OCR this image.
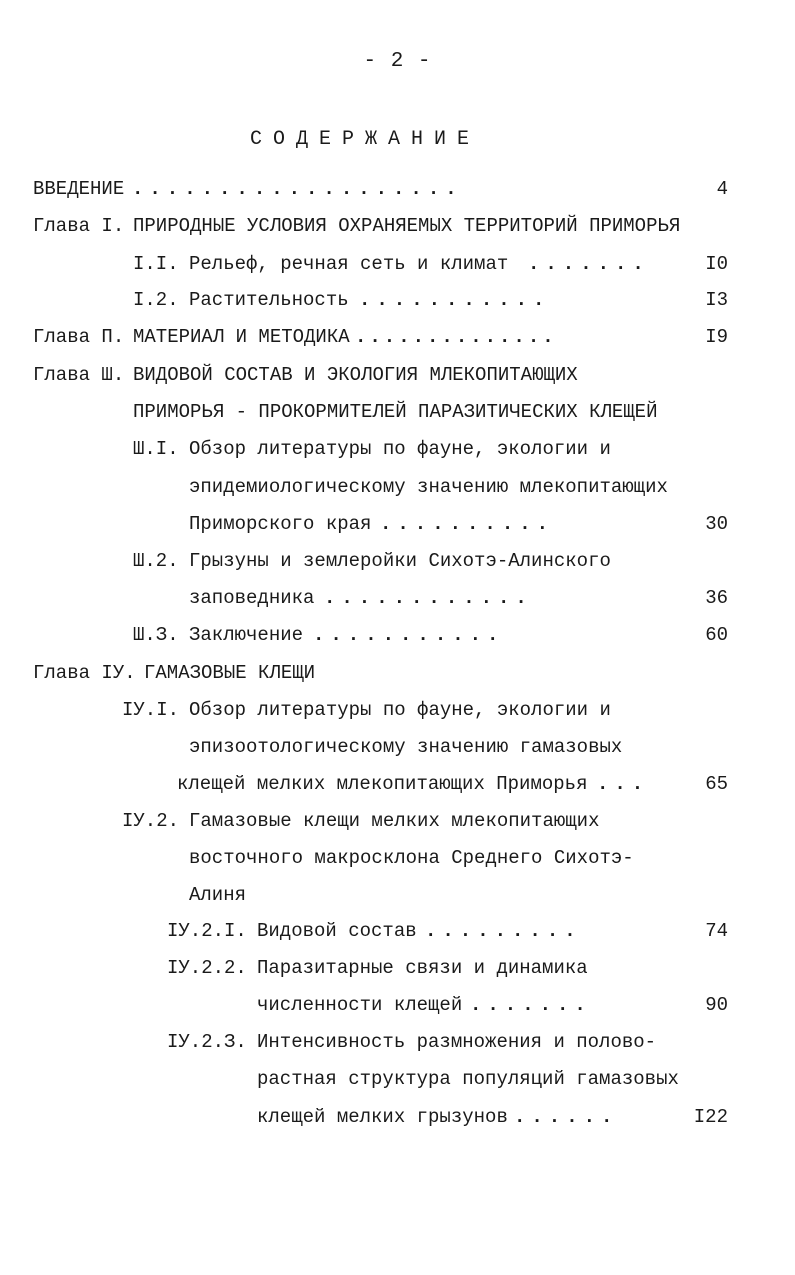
- 2 -
СОДЕРЖАНИЕ
ВВЕДЕНИЕ ...................	4
Глава I. ПРИРОДНЫЕ УСЛОВИЯ ОХРАНЯЕМЫХ ТЕРРИТОРИЙ ПРИМОРЬЯ
I.I. Рельеф, речная сеть и климат .......	I0
I.2. Растительность ...........	I3
Глава П. МАТЕРИАЛ И МЕТОДИКА ..............	I9
Глава Ш. ВИДОВОЙ СОСТАВ И ЭКОЛОГИЯ МЛЕКОПИТАЮЩИХ
ПРИМОРЬЯ - ПРОКОРМИТЕЛЕЙ ПАРАЗИТИЧЕСКИХ КЛЕЩЕЙ
Ш.I. Обзор литературы по фауне, экологии и
эпидемиологическому значению млекопитающих
Приморского края ..........	30
Ш.2. Грызуны и землеройки Сихотэ-Алинского
заповедника ............	36
Ш.З. Заключение ...........	60
Глава IУ. ГАМАЗОВЫЕ КЛЕЩИ
IУ.I. Обзор литературы по фауне, экологии и
эпизоотологическому значению гамазовых
клещей мелких млекопитающих Приморья ...	65
IУ.2. Гамазовые клещи мелких млекопитающих
восточного макросклона Среднего Сихотэ-
Алиня
IУ.2.I. Видовой состав .........	74
IУ.2.2. Паразитарные связи и динамика
численности клещей .......	90
IУ.2.З. Интенсивность размножения и полово-
растная структура популяций гамазовых
клещей мелких грызунов ......	I22
